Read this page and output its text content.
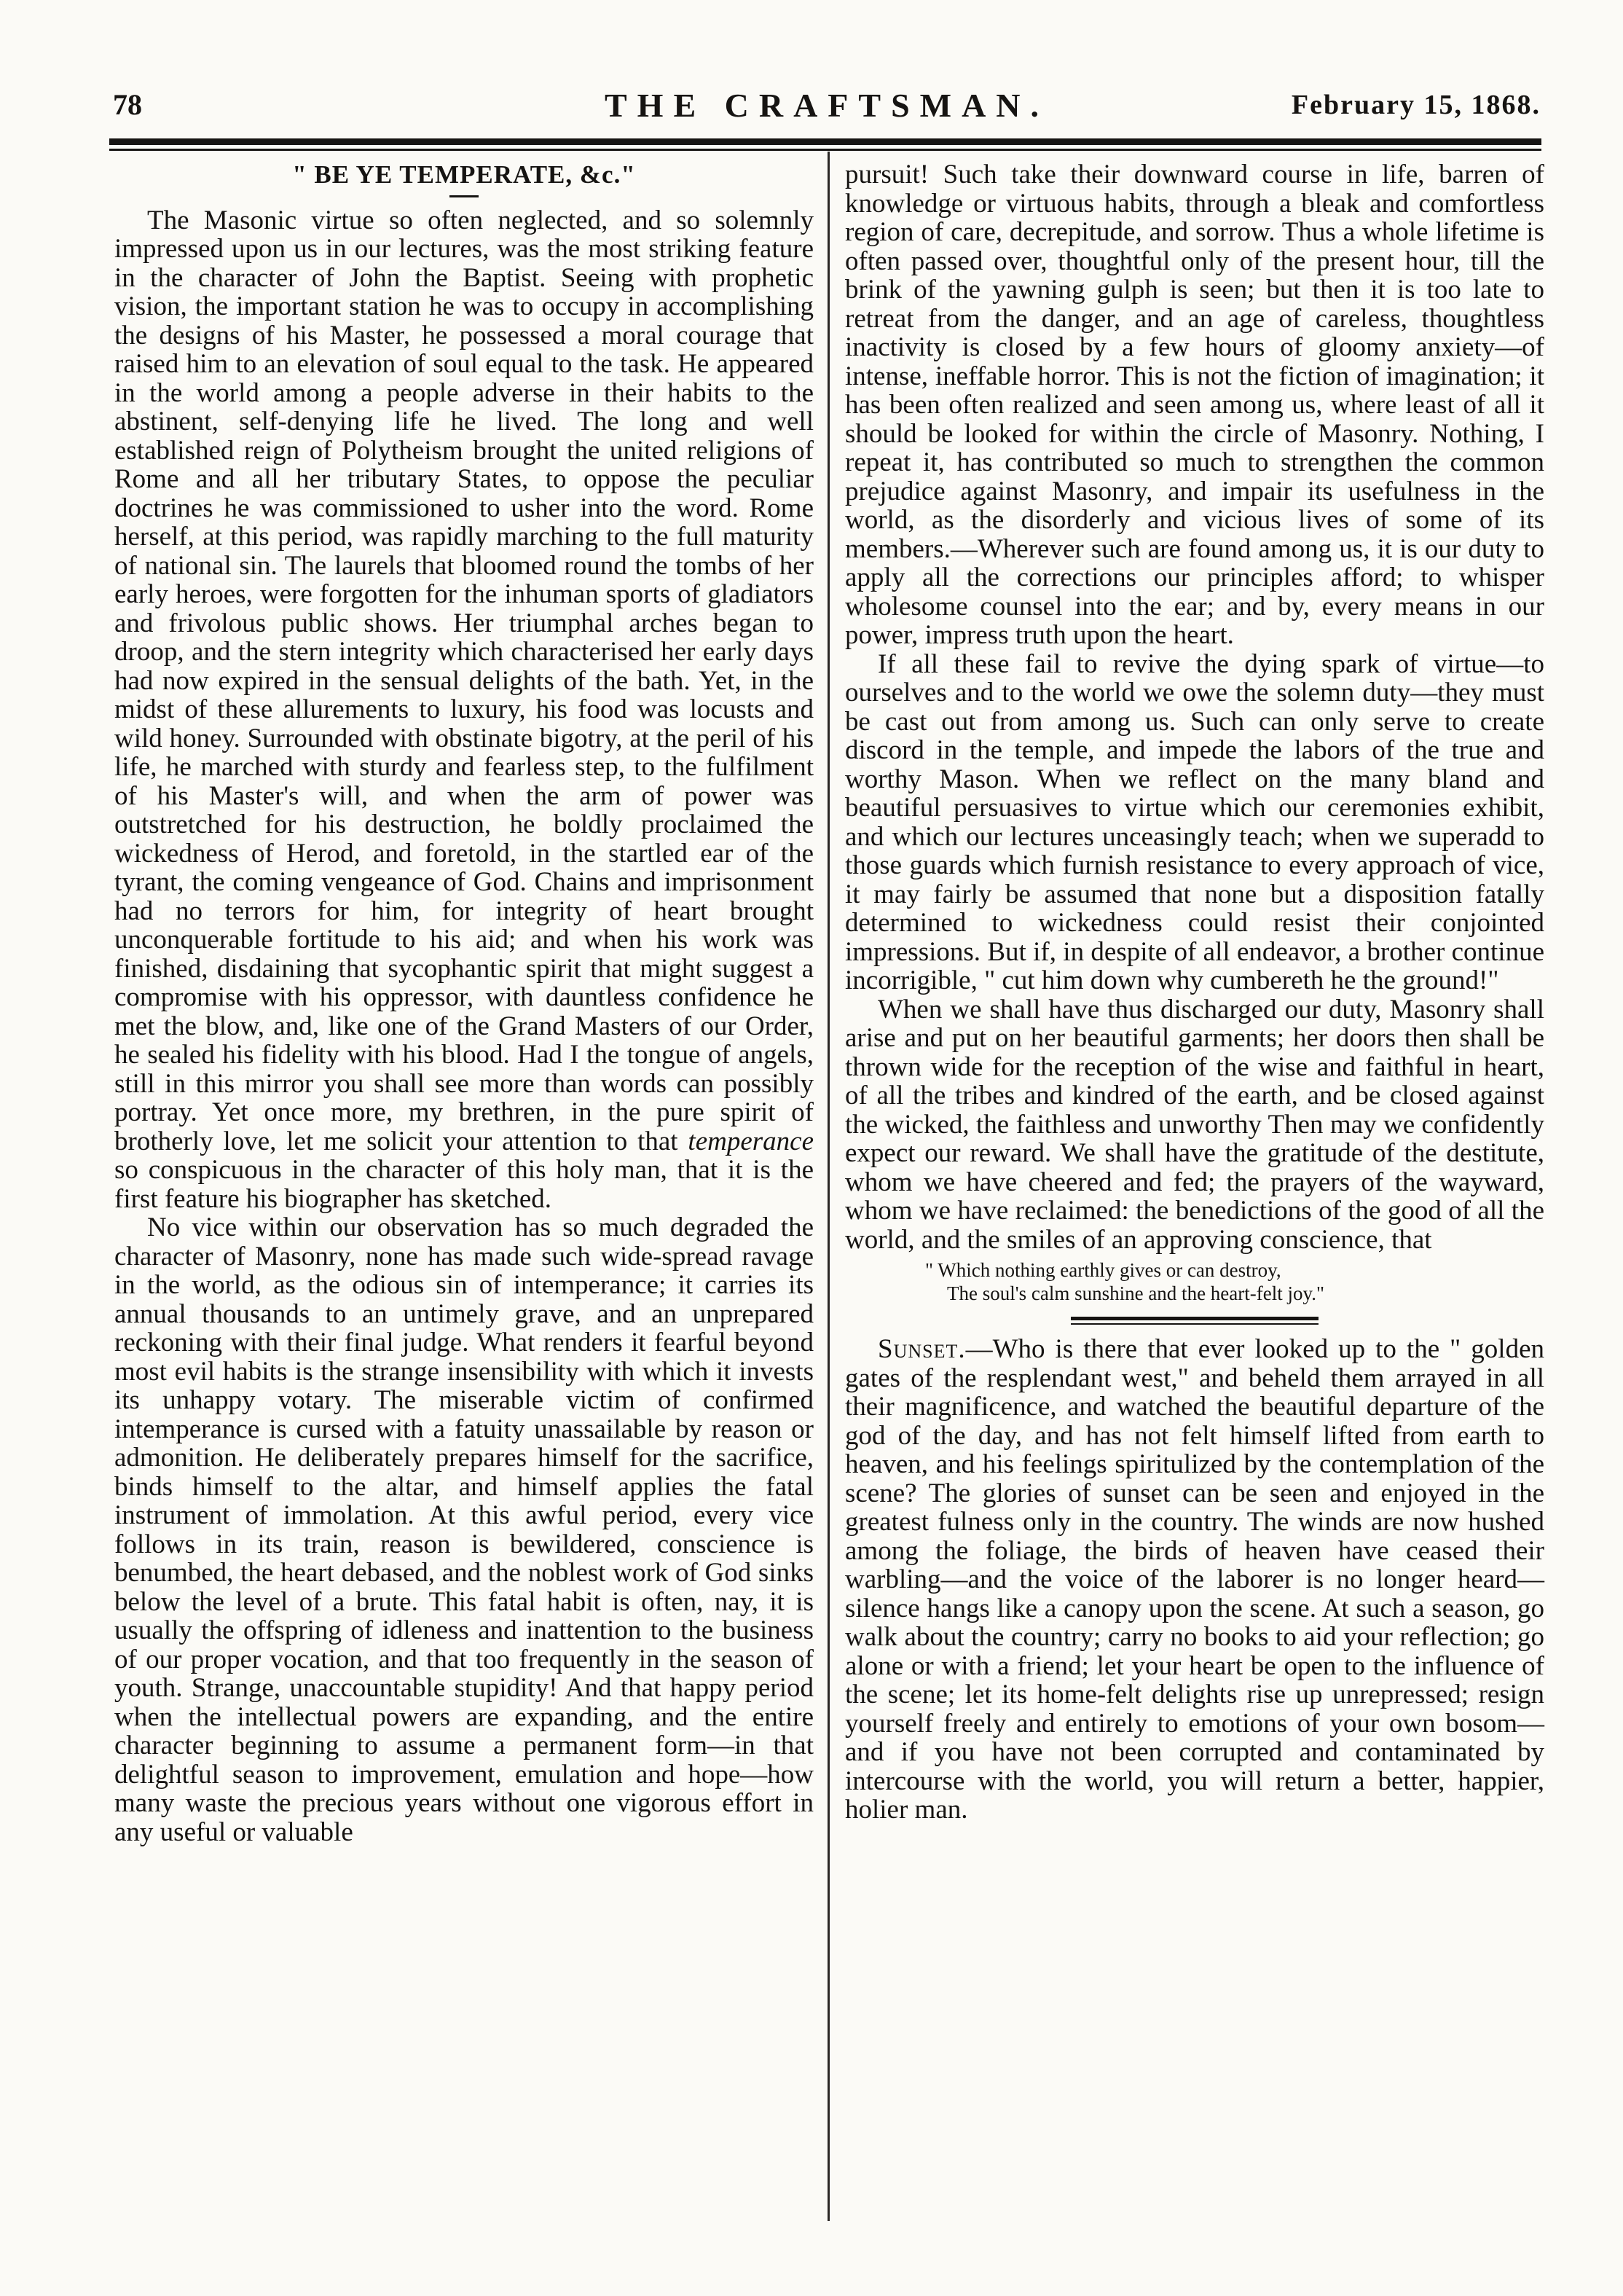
78	THE CRAFTSMAN.	February 15, 1868.
" BE YE TEMPERATE, &c."

The Masonic virtue so often neglected, and so solemnly impressed upon us in our lectures, was the most striking feature in the character of John the Baptist. Seeing with prophetic vision, the important station he was to occupy in accomplishing the designs of his Master, he possessed a moral courage that raised him to an elevation of soul equal to the task. He appeared in the world among a people adverse in their habits to the abstinent, self-denying life he lived. The long and well established reign of Polytheism brought the united religions of Rome and all her tributary States, to oppose the peculiar doctrines he was commissioned to usher into the word. Rome herself, at this period, was rapidly marching to the full maturity of national sin. The laurels that bloomed round the tombs of her early heroes, were forgotten for the inhuman sports of gladiators and frivolous public shows. Her triumphal arches began to droop, and the stern integrity which characterised her early days had now expired in the sensual delights of the bath. Yet, in the midst of these allurements to luxury, his food was locusts and wild honey. Surrounded with obstinate bigotry, at the peril of his life, he marched with sturdy and fearless step, to the fulfilment of his Master's will, and when the arm of power was outstretched for his destruction, he boldly proclaimed the wickedness of Herod, and foretold, in the startled ear of the tyrant, the coming vengeance of God. Chains and imprisonment had no terrors for him, for integrity of heart brought unconquerable fortitude to his aid; and when his work was finished, disdaining that sycophantic spirit that might suggest a compromise with his oppressor, with dauntless confidence he met the blow, and, like one of the Grand Masters of our Order, he sealed his fidelity with his blood. Had I the tongue of angels, still in this mirror you shall see more than words can possibly portray. Yet once more, my brethren, in the pure spirit of brotherly love, let me solicit your attention to that temperance so conspicuous in the character of this holy man, that it is the first feature his biographer has sketched.

No vice within our observation has so much degraded the character of Masonry, none has made such wide-spread ravage in the world, as the odious sin of intemperance; it carries its annual thousands to an untimely grave, and an unprepared reckoning with their final judge. What renders it fearful beyond most evil habits is the strange insensibility with which it invests its unhappy votary. The miserable victim of confirmed intemperance is cursed with a fatuity unassailable by reason or admonition. He deliberately prepares himself for the sacrifice, binds himself to the altar, and himself applies the fatal instrument of immolation. At this awful period, every vice follows in its train, reason is bewildered, conscience is benumbed, the heart debased, and the noblest work of God sinks below the level of a brute. This fatal habit is often, nay, it is usually the offspring of idleness and inattention to the business of our proper vocation, and that too frequently in the season of youth. Strange, unaccountable stupidity! And that happy period when the intellectual powers are expanding, and the entire character beginning to assume a permanent form—in that delightful season to improvement, emulation and hope—how many waste the precious years without one vigorous effort in any useful or valuable

pursuit! Such take their downward course in life, barren of knowledge or virtuous habits, through a bleak and comfortless region of care, decrepitude, and sorrow. Thus a whole lifetime is often passed over, thoughtful only of the present hour, till the brink of the yawning gulph is seen; but then it is too late to retreat from the danger, and an age of careless, thoughtless inactivity is closed by a few hours of gloomy anxiety—of intense, ineffable horror. This is not the fiction of imagination; it has been often realized and seen among us, where least of all it should be looked for within the circle of Masonry. Nothing, I repeat it, has contributed so much to strengthen the common prejudice against Masonry, and impair its usefulness in the world, as the disorderly and vicious lives of some of its members.—Wherever such are found among us, it is our duty to apply all the corrections our principles afford; to whisper wholesome counsel into the ear; and by, every means in our power, impress truth upon the heart.

If all these fail to revive the dying spark of virtue—to ourselves and to the world we owe the solemn duty—they must be cast out from among us. Such can only serve to create discord in the temple, and impede the labors of the true and worthy Mason. When we reflect on the many bland and beautiful persuasives to virtue which our ceremonies exhibit, and which our lectures unceasingly teach; when we superadd to those guards which furnish resistance to every approach of vice, it may fairly be assumed that none but a disposition fatally determined to wickedness could resist their conjointed impressions. But if, in despite of all endeavor, a brother continue incorrigible, " cut him down why cumbereth he the ground!"

When we shall have thus discharged our duty, Masonry shall arise and put on her beautiful garments; her doors then shall be thrown wide for the reception of the wise and faithful in heart, of all the tribes and kindred of the earth, and be closed against the wicked, the faithless and unworthy Then may we confidently expect our reward. We shall have the gratitude of the destitute, whom we have cheered and fed; the prayers of the wayward, whom we have reclaimed: the benedictions of the good of all the world, and the smiles of an approving conscience, that

" Which nothing earthly gives or can destroy,
The soul's calm sunshine and the heart-felt joy."

Sunset.—Who is there that ever looked up to the " golden gates of the resplendant west," and beheld them arrayed in all their magnificence, and watched the beautiful departure of the god of the day, and has not felt himself lifted from earth to heaven, and his feelings spiritulized by the contemplation of the scene? The glories of sunset can be seen and enjoyed in the greatest fulness only in the country. The winds are now hushed among the foliage, the birds of heaven have ceased their warbling—and the voice of the laborer is no longer heard—silence hangs like a canopy upon the scene. At such a season, go walk about the country; carry no books to aid your reflection; go alone or with a friend; let your heart be open to the influence of the scene; let its home-felt delights rise up unrepressed; resign yourself freely and entirely to emotions of your own bosom—and if you have not been corrupted and contaminated by intercourse with the world, you will return a better, happier, holier man.
